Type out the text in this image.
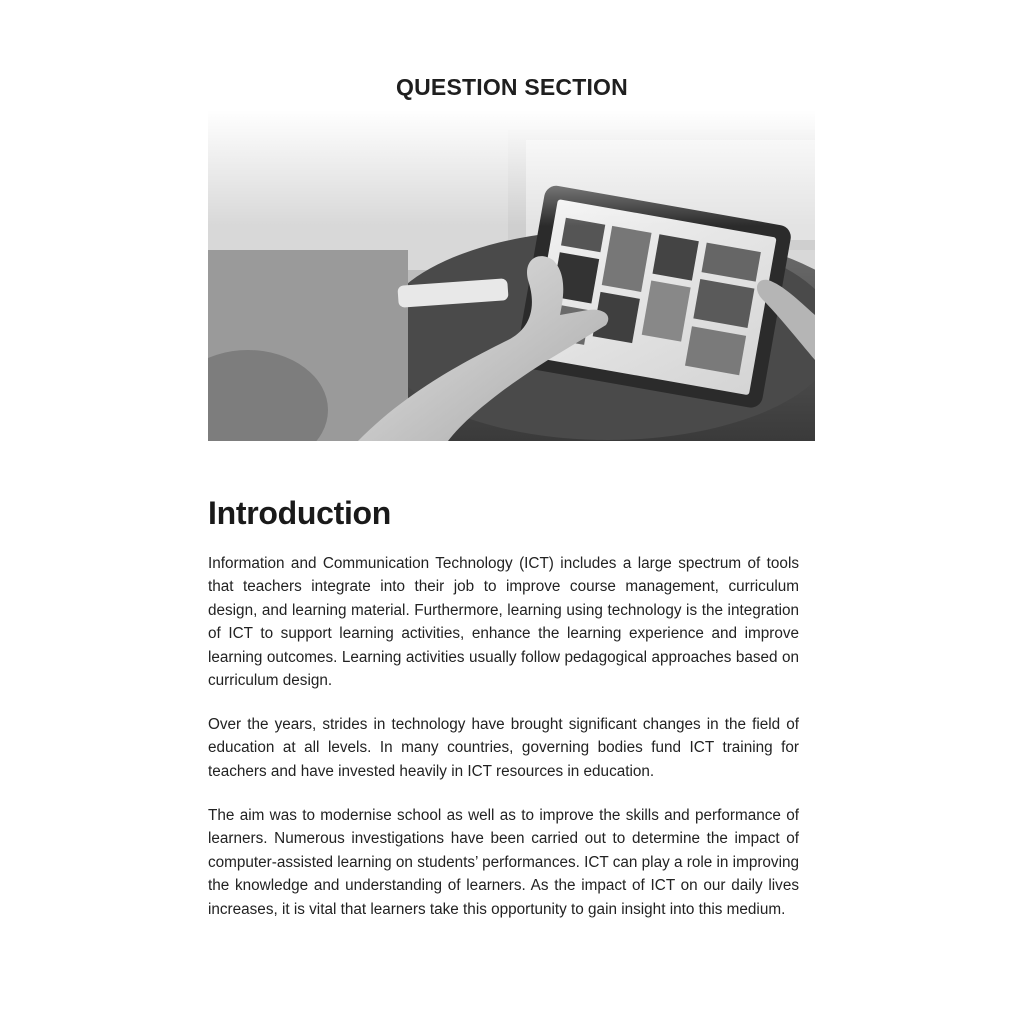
QUESTION SECTION
Introduction

Information and Communication Technology (ICT) includes a large spectrum of tools that teachers integrate into their job to improve course management, curriculum design, and learning material. Furthermore, learning using technology is the integration of ICT to support learning activities, enhance the learning experience and improve learning outcomes. Learning activities usually follow pedagogical approaches based on curriculum design.

Over the years, strides in technology have brought significant changes in the field of education at all levels. In many countries, governing bodies fund ICT training for teachers and have invested heavily in ICT resources in education.

The aim was to modernise school as well as to improve the skills and performance of learners. Numerous investigations have been carried out to determine the impact of computer-assisted learning on students’ performances. ICT can play a role in improving the knowledge and understanding of learners. As the impact of ICT on our daily lives increases, it is vital that learners take this opportunity to gain insight into this medium.
